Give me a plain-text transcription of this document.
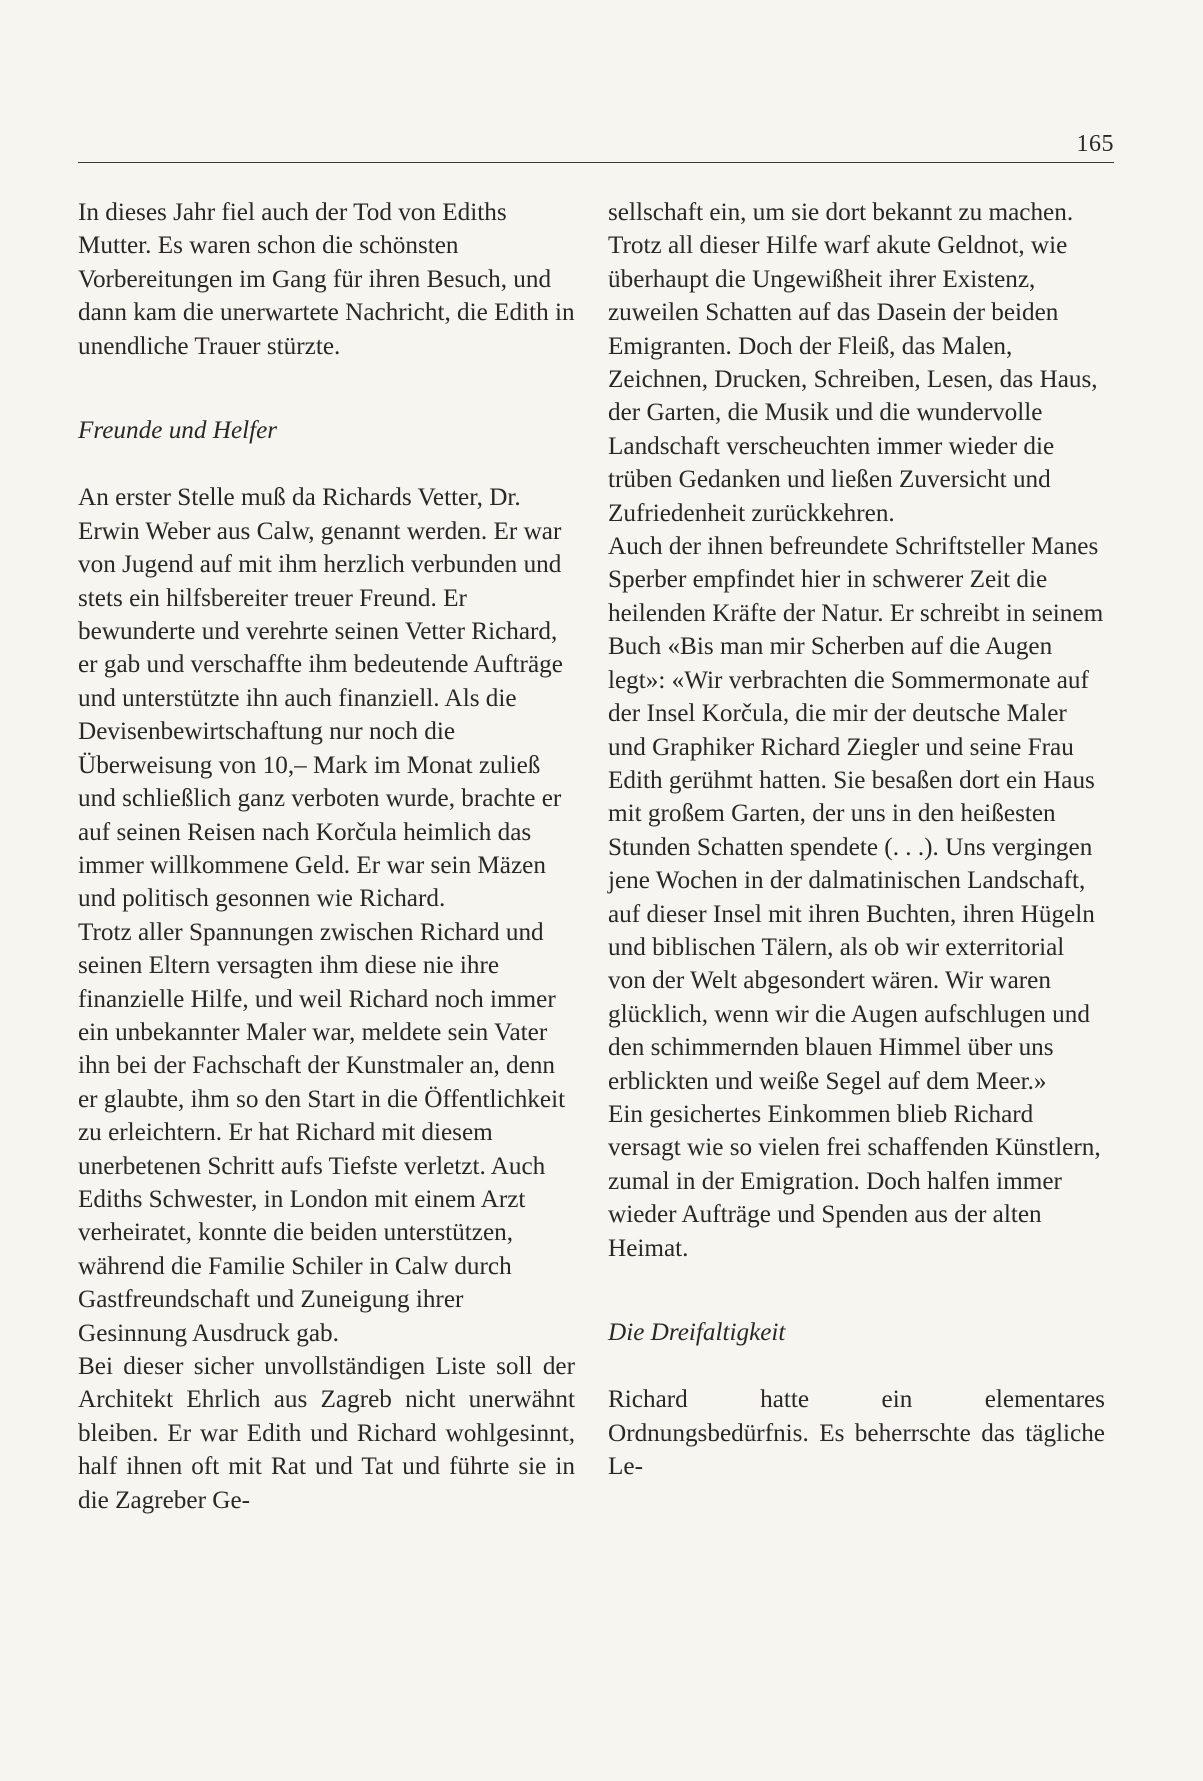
165

In dieses Jahr fiel auch der Tod von Ediths Mutter. Es waren schon die schönsten Vorbereitungen im Gang für ihren Besuch, und dann kam die unerwartete Nachricht, die Edith in unendliche Trauer stürzte.

Freunde und Helfer

An erster Stelle muß da Richards Vetter, Dr. Erwin Weber aus Calw, genannt werden. Er war von Jugend auf mit ihm herzlich verbunden und stets ein hilfsbereiter treuer Freund. Er bewunderte und verehrte seinen Vetter Richard, er gab und verschaffte ihm bedeutende Aufträge und unterstützte ihn auch finanziell. Als die Devisenbewirtschaftung nur noch die Überweisung von 10,– Mark im Monat zuließ und schließlich ganz verboten wurde, brachte er auf seinen Reisen nach Korčula heimlich das immer willkommene Geld. Er war sein Mäzen und politisch gesonnen wie Richard.

Trotz aller Spannungen zwischen Richard und seinen Eltern versagten ihm diese nie ihre finanzielle Hilfe, und weil Richard noch immer ein unbekannter Maler war, meldete sein Vater ihn bei der Fachschaft der Kunstmaler an, denn er glaubte, ihm so den Start in die Öffentlichkeit zu erleichtern. Er hat Richard mit diesem unerbetenen Schritt aufs Tiefste verletzt. Auch Ediths Schwester, in London mit einem Arzt verheiratet, konnte die beiden unterstützen, während die Familie Schiler in Calw durch Gastfreundschaft und Zuneigung ihrer Gesinnung Ausdruck gab.

Bei dieser sicher unvollständigen Liste soll der Architekt Ehrlich aus Zagreb nicht unerwähnt bleiben. Er war Edith und Richard wohlgesinnt, half ihnen oft mit Rat und Tat und führte sie in die Zagreber Ge-

sellschaft ein, um sie dort bekannt zu machen.

Trotz all dieser Hilfe warf akute Geldnot, wie überhaupt die Ungewißheit ihrer Existenz, zuweilen Schatten auf das Dasein der beiden Emigranten. Doch der Fleiß, das Malen, Zeichnen, Drucken, Schreiben, Lesen, das Haus, der Garten, die Musik und die wundervolle Landschaft verscheuchten immer wieder die trüben Gedanken und ließen Zuversicht und Zufriedenheit zurückkehren.

Auch der ihnen befreundete Schriftsteller Manes Sperber empfindet hier in schwerer Zeit die heilenden Kräfte der Natur. Er schreibt in seinem Buch «Bis man mir Scherben auf die Augen legt»: «Wir verbrachten die Sommermonate auf der Insel Korčula, die mir der deutsche Maler und Graphiker Richard Ziegler und seine Frau Edith gerühmt hatten. Sie besaßen dort ein Haus mit großem Garten, der uns in den heißesten Stunden Schatten spendete (. . .). Uns vergingen jene Wochen in der dalmatinischen Landschaft, auf dieser Insel mit ihren Buchten, ihren Hügeln und biblischen Tälern, als ob wir exterritorial von der Welt abgesondert wären. Wir waren glücklich, wenn wir die Augen aufschlugen und den schimmernden blauen Himmel über uns erblickten und weiße Segel auf dem Meer.»

Ein gesichertes Einkommen blieb Richard versagt wie so vielen frei schaffenden Künstlern, zumal in der Emigration. Doch halfen immer wieder Aufträge und Spenden aus der alten Heimat.

Die Dreifaltigkeit

Richard hatte ein elementares Ordnungsbedürfnis. Es beherrschte das tägliche Le-
